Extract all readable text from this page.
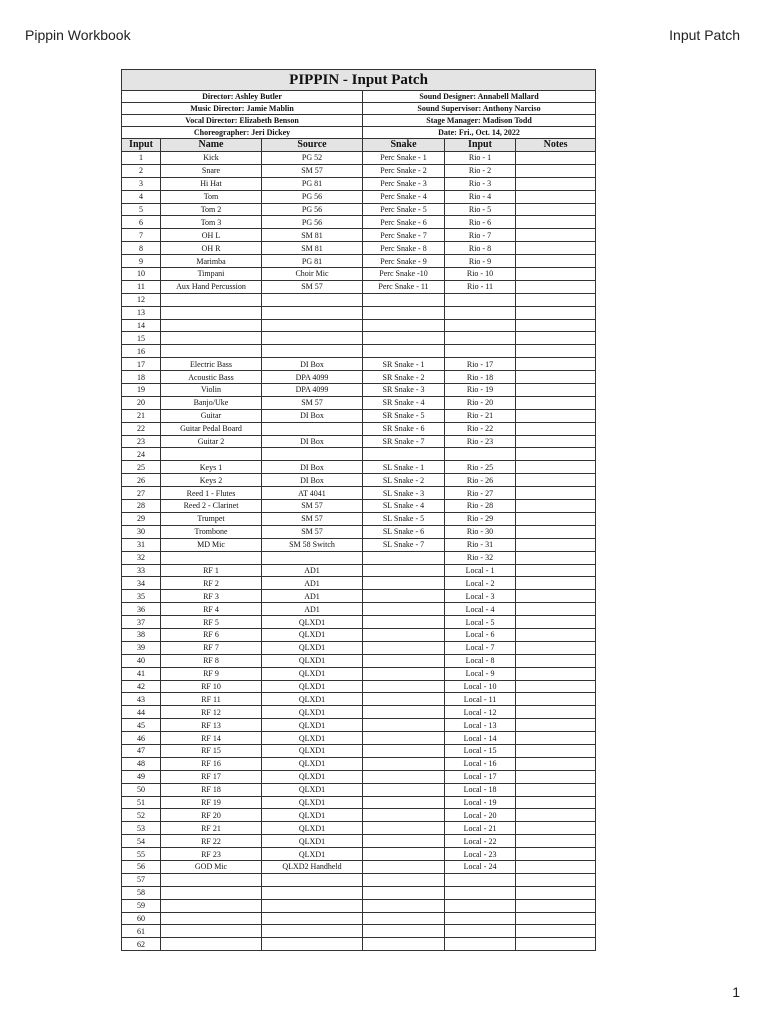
Pippin Workbook	Input Patch
PIPPIN - Input Patch					
Director: Ashley Butler			Sound Designer: Annabell Mallard		
Music Director: Jamie Mablin			Sound Supervisor: Anthony Narciso		
Vocal Director: Elizabeth Benson			Stage Manager: Madison Todd		
Choreographer: Jeri Dickey			Date: Fri., Oct. 14, 2022		
Input	Name	Source	Snake	Input	Notes
1	Kick	PG 52	Perc Snake - 1	Rio - 1	
2	Snare	SM 57	Perc Snake - 2	Rio - 2	
3	Hi Hat	PG 81	Perc Snake - 3	Rio - 3	
4	Tom	PG 56	Perc Snake - 4	Rio - 4	
5	Tom 2	PG 56	Perc Snake - 5	Rio - 5	
6	Tom 3	PG 56	Perc Snake - 6	Rio - 6	
7	OH L	SM 81	Perc Snake - 7	Rio - 7	
8	OH R	SM 81	Perc Snake - 8	Rio - 8	
9	Marimba	PG 81	Perc Snake - 9	Rio - 9	
10	Timpani	Choir Mic	Perc Snake -10	Rio - 10	
11	Aux Hand Percussion	SM 57	Perc Snake - 11	Rio - 11	
12					
13					
14					
15					
16					
17	Electric Bass	DI Box	SR Snake - 1	Rio - 17	
18	Acoustic Bass	DPA 4099	SR Snake - 2	Rio - 18	
19	Violin	DPA 4099	SR Snake - 3	Rio - 19	
20	Banjo/Uke	SM 57	SR Snake - 4	Rio - 20	
21	Guitar	DI Box	SR Snake - 5	Rio - 21	
22	Guitar Pedal Board		SR Snake - 6	Rio - 22	
23	Guitar 2	DI Box	SR Snake - 7	Rio - 23	
24					
25	Keys 1	DI Box	SL Snake - 1	Rio - 25	
26	Keys 2	DI Box	SL Snake - 2	Rio - 26	
27	Reed 1 - Flutes	AT 4041	SL Snake - 3	Rio - 27	
28	Reed 2 - Clarinet	SM 57	SL Snake - 4	Rio - 28	
29	Trumpet	SM 57	SL Snake - 5	Rio - 29	
30	Trombone	SM 57	SL Snake - 6	Rio - 30	
31	MD Mic	SM 58 Switch	SL Snake - 7	Rio - 31	
32				Rio - 32	
33	RF 1	AD1		Local - 1	
34	RF 2	AD1		Local - 2	
35	RF 3	AD1		Local - 3	
36	RF 4	AD1		Local - 4	
37	RF 5	QLXD1		Local - 5	
38	RF 6	QLXD1		Local - 6	
39	RF 7	QLXD1		Local - 7	
40	RF 8	QLXD1		Local - 8	
41	RF 9	QLXD1		Local - 9	
42	RF 10	QLXD1		Local - 10	
43	RF 11	QLXD1		Local - 11	
44	RF 12	QLXD1		Local - 12	
45	RF 13	QLXD1		Local - 13	
46	RF 14	QLXD1		Local - 14	
47	RF 15	QLXD1		Local - 15	
48	RF 16	QLXD1		Local - 16	
49	RF 17	QLXD1		Local - 17	
50	RF 18	QLXD1		Local - 18	
51	RF 19	QLXD1		Local - 19	
52	RF 20	QLXD1		Local - 20	
53	RF 21	QLXD1		Local - 21	
54	RF 22	QLXD1		Local - 22	
55	RF 23	QLXD1		Local - 23	
56	GOD Mic	QLXD2 Handheld		Local - 24	
57					
58					
59					
60					
61					
62					
1
